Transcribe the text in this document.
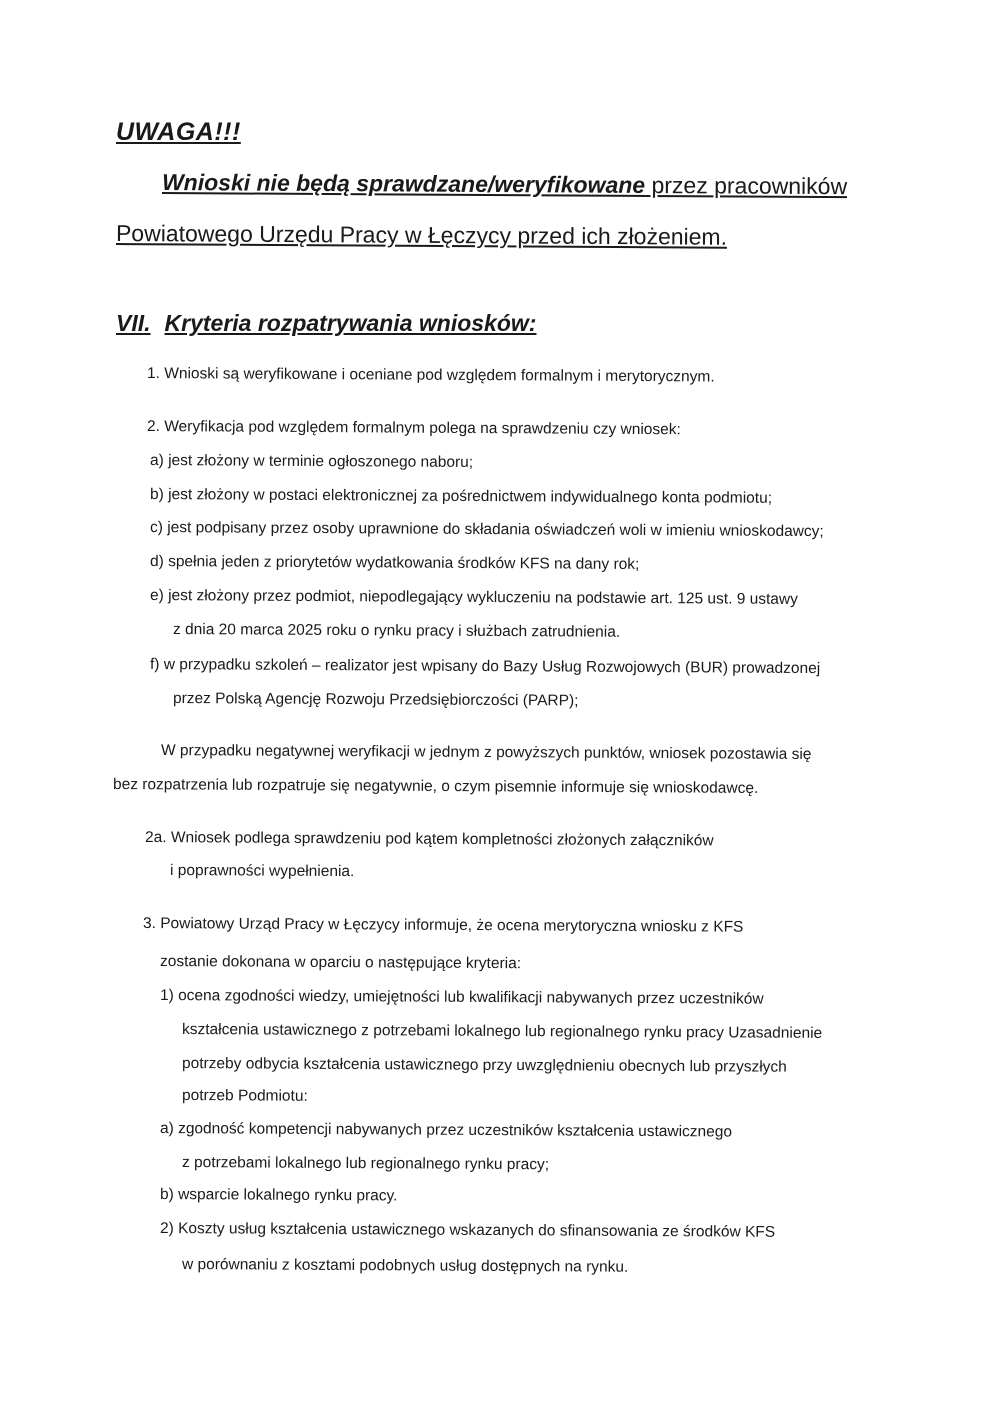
UWAGA!!!
Wnioski nie będą sprawdzane/weryfikowane przez pracowników
Powiatowego Urzędu Pracy w Łęczycy przed ich złożeniem.
VII. Kryteria rozpatrywania wniosków:
1. Wnioski są weryfikowane i oceniane pod względem formalnym i merytorycznym.
2. Weryfikacja pod względem formalnym polega na sprawdzeniu czy wniosek:
a) jest złożony w terminie ogłoszonego naboru;
b) jest złożony w postaci elektronicznej za pośrednictwem indywidualnego konta podmiotu;
c) jest podpisany przez osoby uprawnione do składania oświadczeń woli w imieniu wnioskodawcy;
d) spełnia jeden z priorytetów wydatkowania środków KFS na dany rok;
e) jest złożony przez podmiot, niepodlegający wykluczeniu na podstawie art. 125 ust. 9 ustawy
z dnia 20 marca 2025 roku o rynku pracy i służbach zatrudnienia.
f) w przypadku szkoleń – realizator jest wpisany do Bazy Usług Rozwojowych (BUR) prowadzonej
przez Polską Agencję Rozwoju Przedsiębiorczości (PARP);
W przypadku negatywnej weryfikacji w jednym z powyższych punktów, wniosek pozostawia się
bez rozpatrzenia lub rozpatruje się negatywnie, o czym pisemnie informuje się wnioskodawcę.
2a. Wniosek podlega sprawdzeniu pod kątem kompletności złożonych załączników
i poprawności wypełnienia.
3. Powiatowy Urząd Pracy w Łęczycy informuje, że ocena merytoryczna wniosku z KFS
zostanie dokonana w oparciu o następujące kryteria:
1) ocena zgodności wiedzy, umiejętności lub kwalifikacji nabywanych przez uczestników
kształcenia ustawicznego z potrzebami lokalnego lub regionalnego rynku pracy Uzasadnienie
potrzeby odbycia kształcenia ustawicznego przy uwzględnieniu obecnych lub przyszłych
potrzeb Podmiotu:
a) zgodność kompetencji nabywanych przez uczestników kształcenia ustawicznego
z potrzebami lokalnego lub regionalnego rynku pracy;
b) wsparcie lokalnego rynku pracy.
2) Koszty usług kształcenia ustawicznego wskazanych do sfinansowania ze środków KFS
w porównaniu z kosztami podobnych usług dostępnych na rynku.
